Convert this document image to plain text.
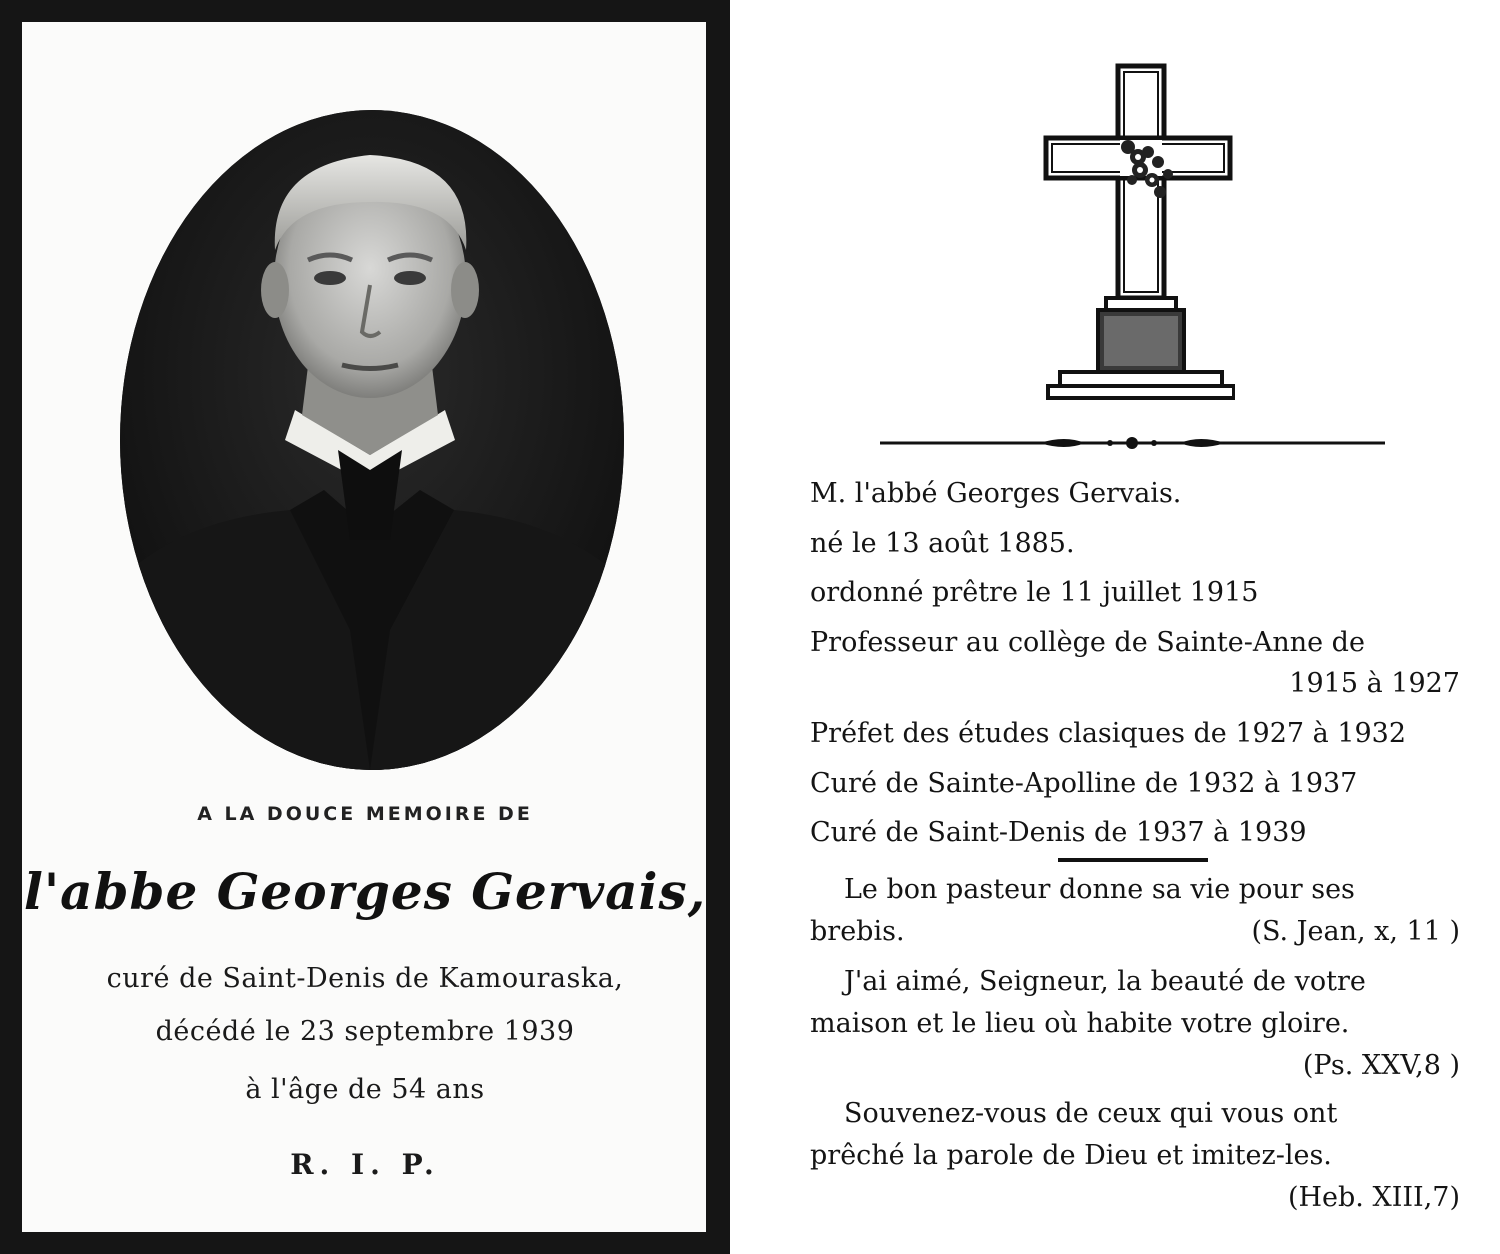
A LA DOUCE MEMOIRE DE
l'abbe Georges Gervais,
curé de Saint-Denis de Kamouraska,
décédé le 23 septembre 1939
à l'âge de 54 ans
R. I. P.
M. l'abbé Georges Gervais.
né le 13 août 1885.
ordonné prêtre le 11 juillet 1915
Professeur au collège de Sainte-Anne de
1915 à 1927
Préfet des études clasiques de 1927 à 1932
Curé de Sainte-Apolline de 1932 à 1937
Curé de Saint-Denis de 1937 à 1939
Le bon pasteur donne sa vie pour ses
brebis.	(S. Jean, x, 11 )
J'ai aimé, Seigneur, la beauté de votre
maison et le lieu où habite votre gloire.
(Ps. XXV,8 )
Souvenez-vous de ceux qui vous ont
prêché la parole de Dieu et imitez-les.
(Heb. XIII,7)
